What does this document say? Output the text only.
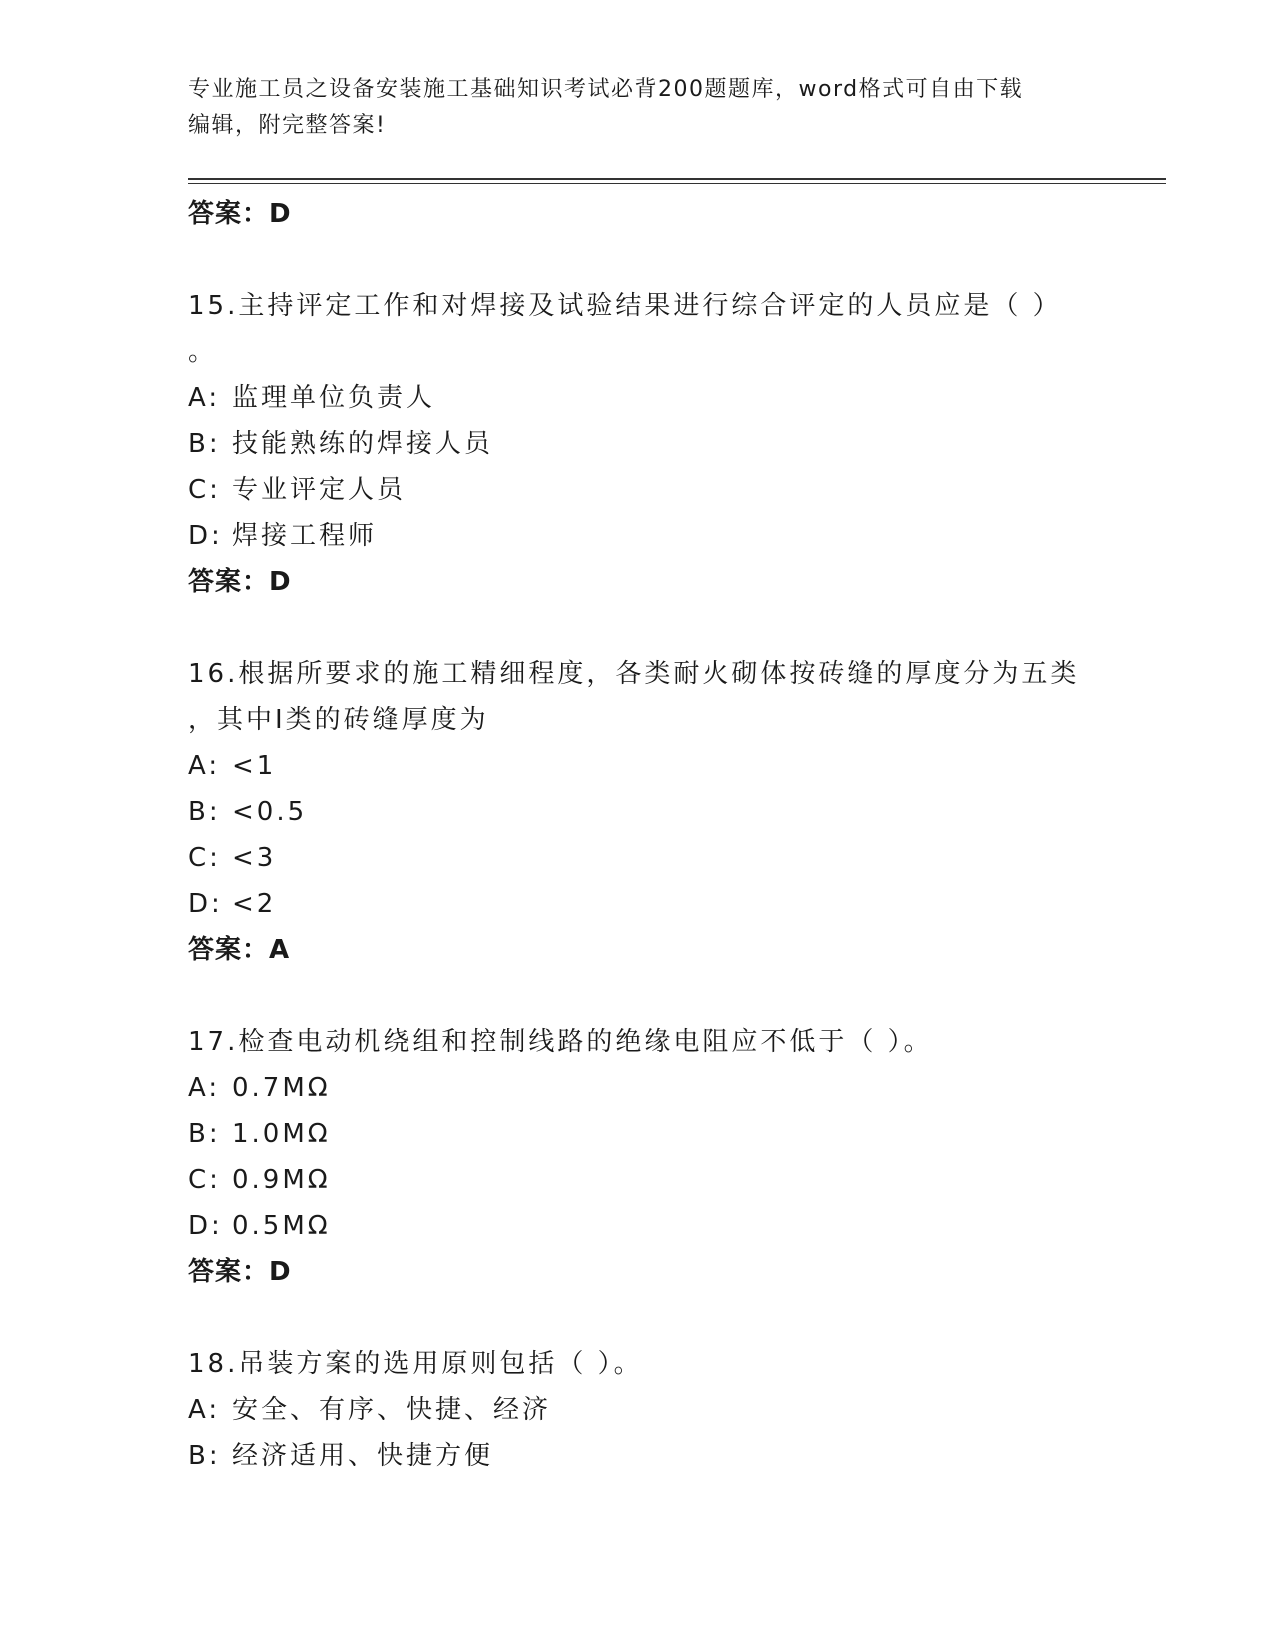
专业施工员之设备安装施工基础知识考试必背200题题库，word格式可自由下载
编辑，附完整答案!
答案：D
15.主持评定工作和对焊接及试验结果进行综合评定的人员应是（ ）
。
A: 监理单位负责人
B: 技能熟练的焊接人员
C: 专业评定人员
D: 焊接工程师
答案：D
16.根据所要求的施工精细程度，各类耐火砌体按砖缝的厚度分为五类
，其中Ⅰ类的砖缝厚度为
A: <1
B: <0.5
C: <3
D: <2
答案：A
17.检查电动机绕组和控制线路的绝缘电阻应不低于（ ）。
A: 0.7MΩ
B: 1.0MΩ
C: 0.9MΩ
D: 0.5MΩ
答案：D
18.吊装方案的选用原则包括（ ）。
A: 安全、有序、快捷、经济
B: 经济适用、快捷方便
